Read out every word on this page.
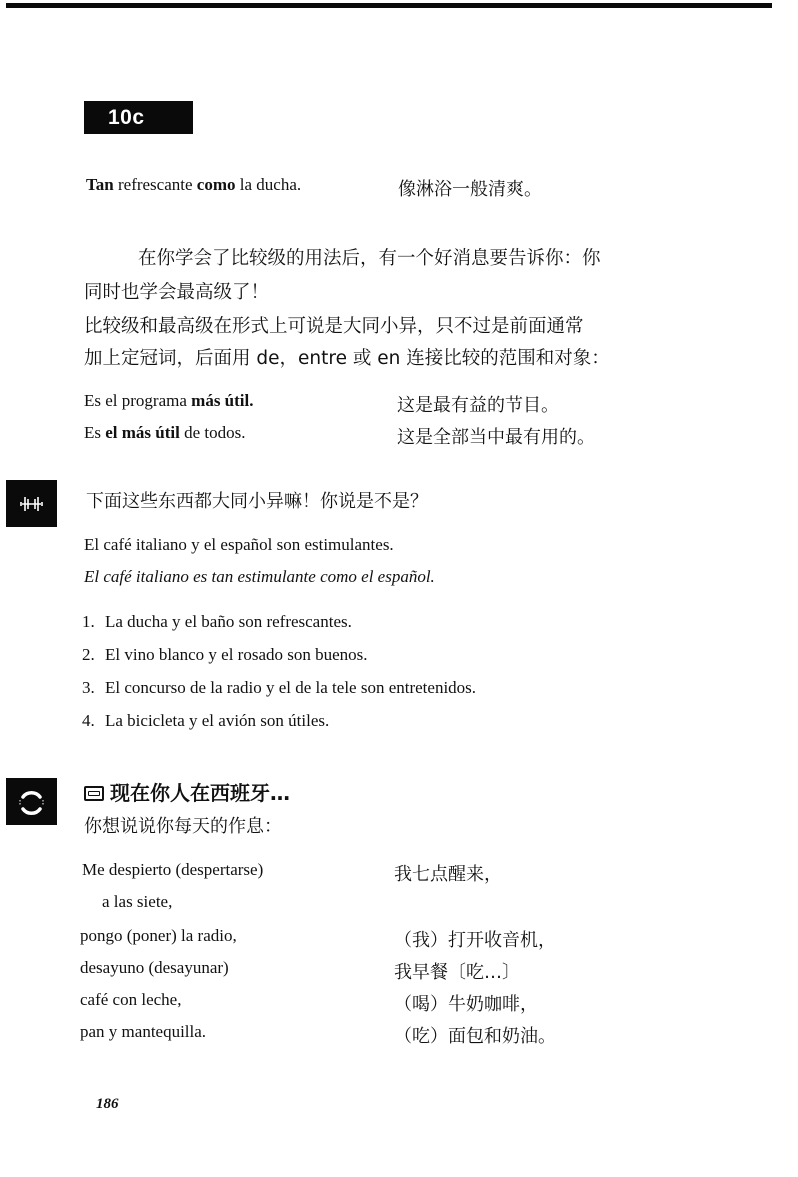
10c
Tan refrescante como la ducha.	像淋浴一般清爽。
在你学会了比较级的用法后，有一个好消息要告诉你：你
同时也学会最高级了！
比较级和最高级在形式上可说是大同小异，只不过是前面通常
加上定冠词，后面用 de，entre 或 en 连接比较的范围和对象：
Es el programa más útil.	这是最有益的节目。
Es el más útil de todos.	这是全部当中最有用的。
下面这些东西都大同小异嘛！你说是不是？
El café italiano y el español son estimulantes.
El café italiano es tan estimulante como el español.
1. La ducha y el baño son refrescantes.
2. El vino blanco y el rosado son buenos.
3. El concurso de la radio y el de la tele son entretenidos.
4. La bicicleta y el avión son útiles.
现在你人在西班牙…
你想说说你每天的作息：
Me despierto (despertarse)	我七点醒来，
a las siete,
pongo (poner) la radio,	（我）打开收音机，
desayuno (desayunar)	我早餐〔吃…〕
café con leche,	（喝）牛奶咖啡，
pan y mantequilla.	（吃）面包和奶油。
186
